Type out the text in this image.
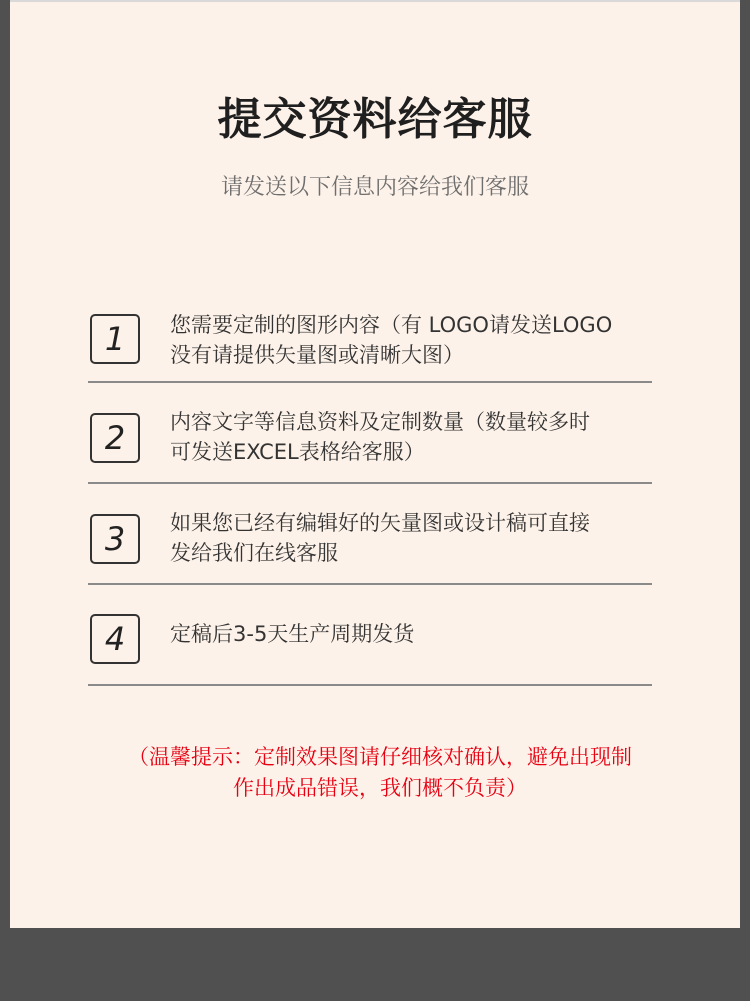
提交资料给客服
请发送以下信息内容给我们客服
1	您需要定制的图形内容（有 LOGO请发送LOGO
没有请提供矢量图或清晰大图）
2	内容文字等信息资料及定制数量（数量较多时
可发送EXCEL表格给客服）
3	如果您已经有编辑好的矢量图或设计稿可直接
发给我们在线客服
4	定稿后3-5天生产周期发货
（温馨提示：定制效果图请仔细核对确认，避免出现制
作出成品错误，我们概不负责）
